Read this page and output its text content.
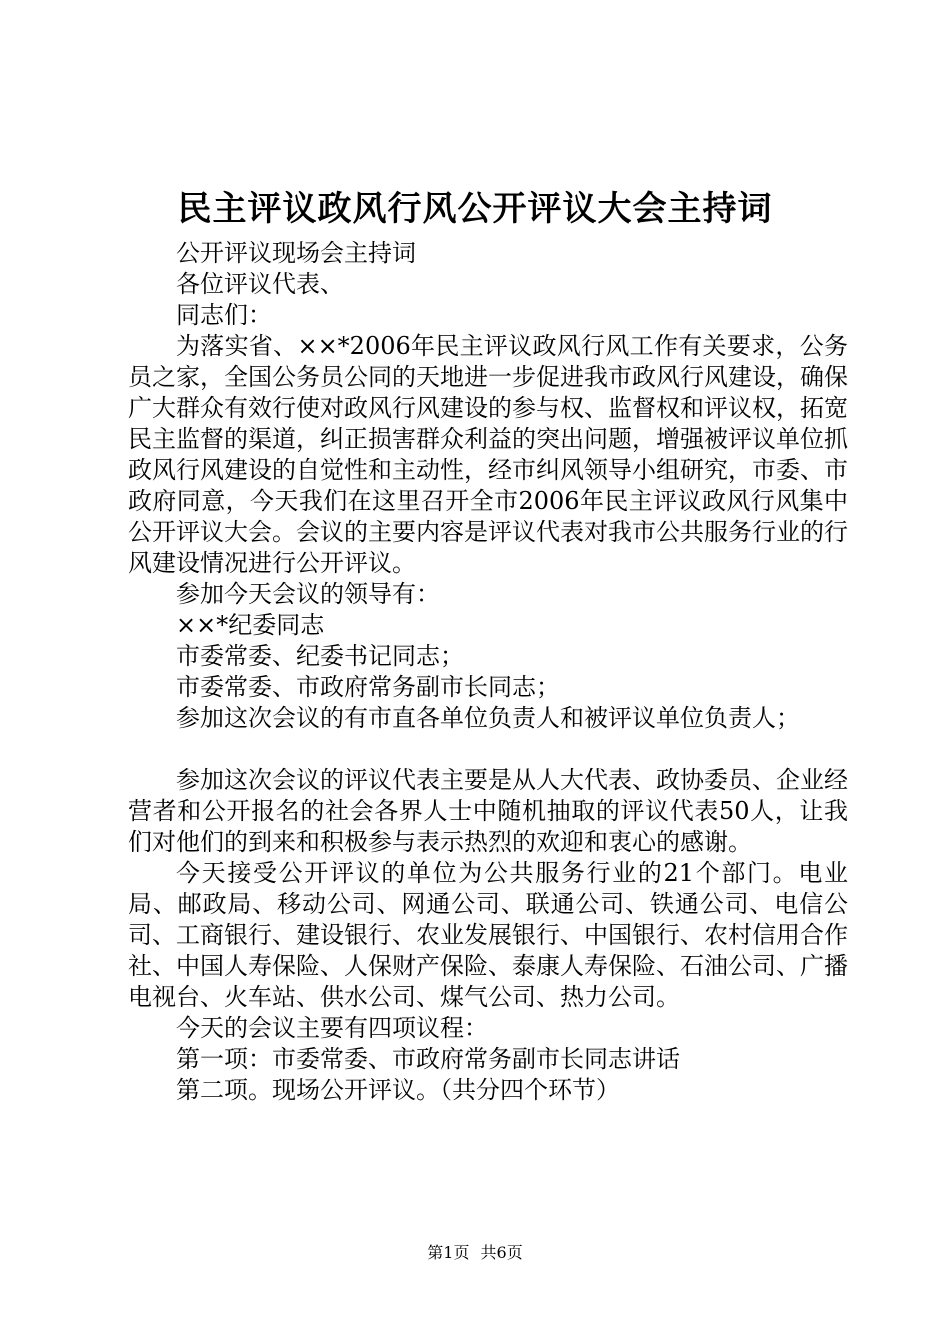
民主评议政风行风公开评议大会主持词

公开评议现场会主持词

各位评议代表、

同志们：

为落实省、××*2006年民主评议政风行风工作有关要求，公务员之家，全国公务员公同的天地进一步促进我市政风行风建设，确保广大群众有效行使对政风行风建设的参与权、监督权和评议权，拓宽民主监督的渠道，纠正损害群众利益的突出问题，增强被评议单位抓政风行风建设的自觉性和主动性，经市纠风领导小组研究，市委、市政府同意，今天我们在这里召开全市2006年民主评议政风行风集中公开评议大会。会议的主要内容是评议代表对我市公共服务行业的行风建设情况进行公开评议。

参加今天会议的领导有：

××*纪委同志

市委常委、纪委书记同志；

市委常委、市政府常务副市长同志；

参加这次会议的有市直各单位负责人和被评议单位负责人；

参加这次会议的评议代表主要是从人大代表、政协委员、企业经营者和公开报名的社会各界人士中随机抽取的评议代表50人，让我们对他们的到来和积极参与表示热烈的欢迎和衷心的感谢。

今天接受公开评议的单位为公共服务行业的21个部门。电业局、邮政局、移动公司、网通公司、联通公司、铁通公司、电信公司、工商银行、建设银行、农业发展银行、中国银行、农村信用合作社、中国人寿保险、人保财产保险、泰康人寿保险、石油公司、广播电视台、火车站、供水公司、煤气公司、热力公司。

今天的会议主要有四项议程：

第一项：市委常委、市政府常务副市长同志讲话

第二项。现场公开评议。（共分四个环节）

第1页 共6页
